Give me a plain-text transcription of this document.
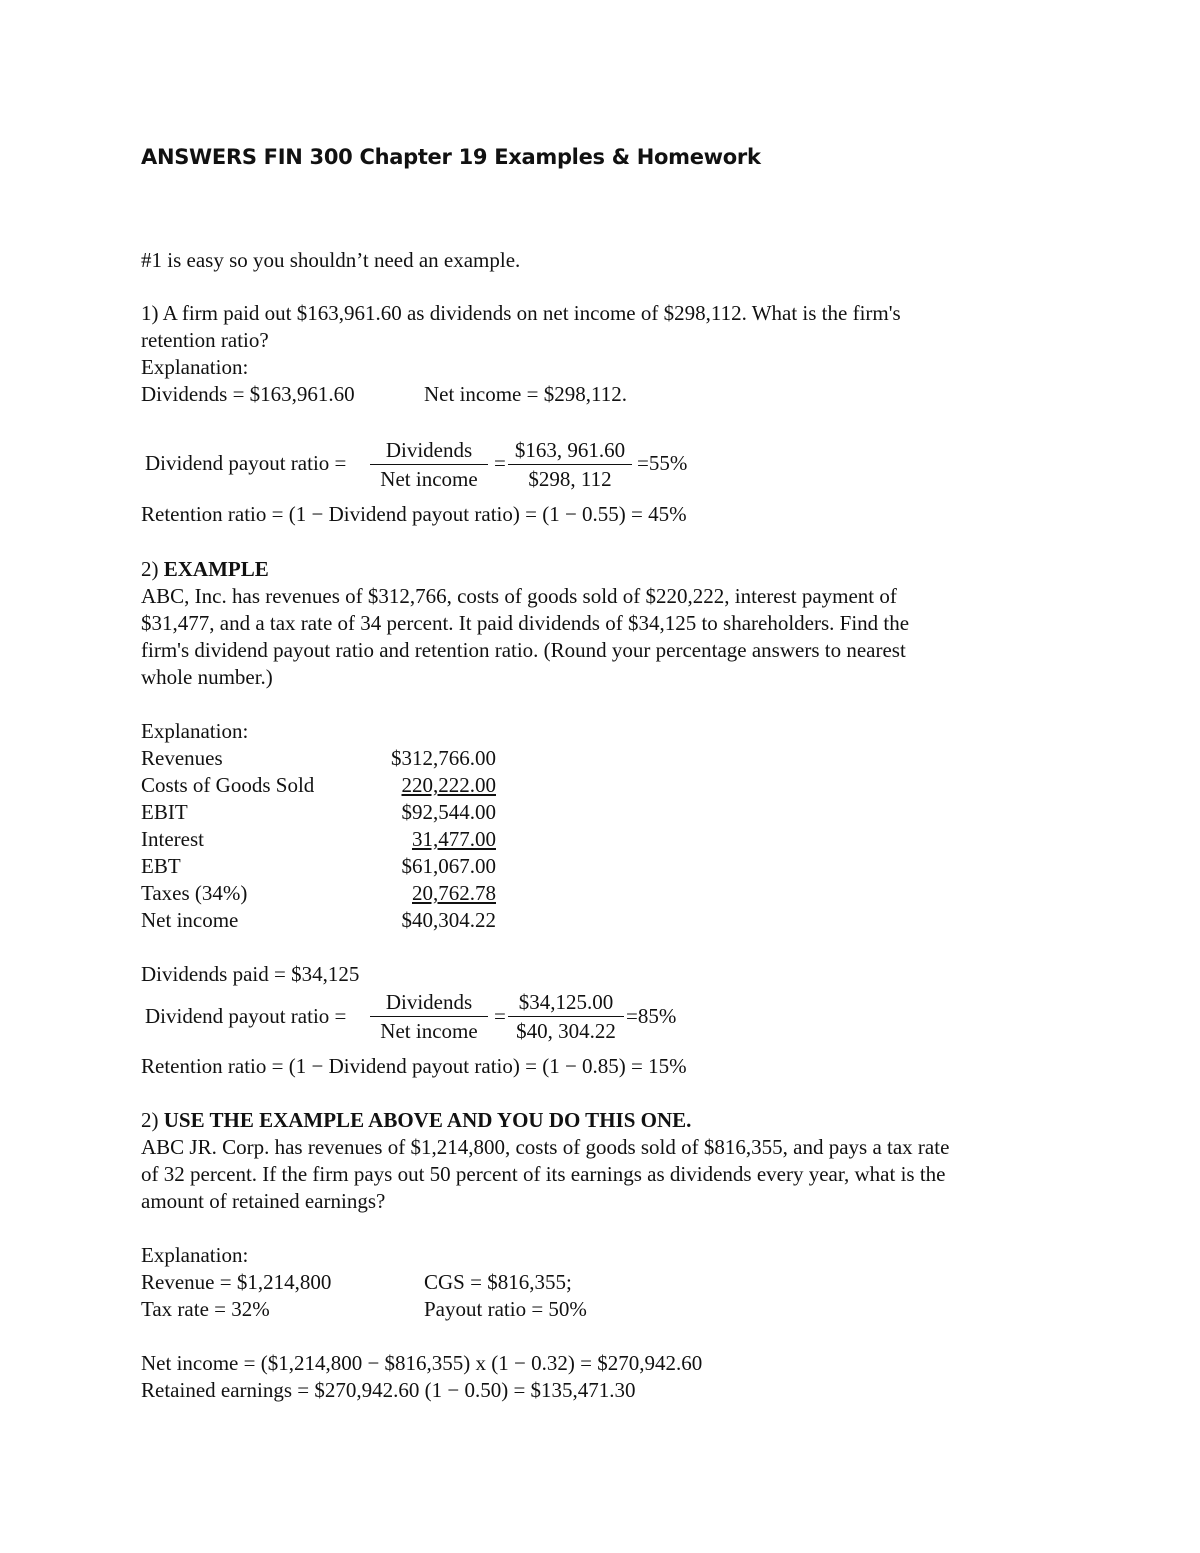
ANSWERS FIN 300 Chapter 19 Examples & Homework
#1 is easy so you shouldn’t need an example.
1) A firm paid out $163,961.60 as dividends on net income of $298,112. What is the firm's
retention ratio?
Explanation:
Dividends = $163,961.60	Net income = $298,112.
Dividend payout ratio =
Dividends
Net income
=
$163, 961.60
$298, 112
=55%
Retention ratio = (1 − Dividend payout ratio) = (1 − 0.55) = 45%
2) EXAMPLE
ABC, Inc. has revenues of $312,766, costs of goods sold of $220,222, interest payment of
$31,477, and a tax rate of 34 percent. It paid dividends of $34,125 to shareholders. Find the
firm's dividend payout ratio and retention ratio. (Round your percentage answers to nearest
whole number.)
Explanation:
Revenues	$312,766.00
Costs of Goods Sold	220,222.00
EBIT	$92,544.00
Interest	31,477.00
EBT	$61,067.00
Taxes (34%)	20,762.78
Net income	$40,304.22
Dividends paid = $34,125
Dividend payout ratio =
Dividends
Net income
=
$34,125.00
$40, 304.22
=85%
Retention ratio = (1 − Dividend payout ratio) = (1 − 0.85) = 15%
2) USE THE EXAMPLE ABOVE AND YOU DO THIS ONE.
ABC JR. Corp. has revenues of $1,214,800, costs of goods sold of $816,355, and pays a tax rate
of 32 percent. If the firm pays out 50 percent of its earnings as dividends every year, what is the
amount of retained earnings?
Explanation:
Revenue = $1,214,800	CGS = $816,355;
Tax rate = 32%	Payout ratio = 50%
Net income = ($1,214,800 − $816,355) x (1 − 0.32) = $270,942.60
Retained earnings = $270,942.60 (1 − 0.50) = $135,471.30
